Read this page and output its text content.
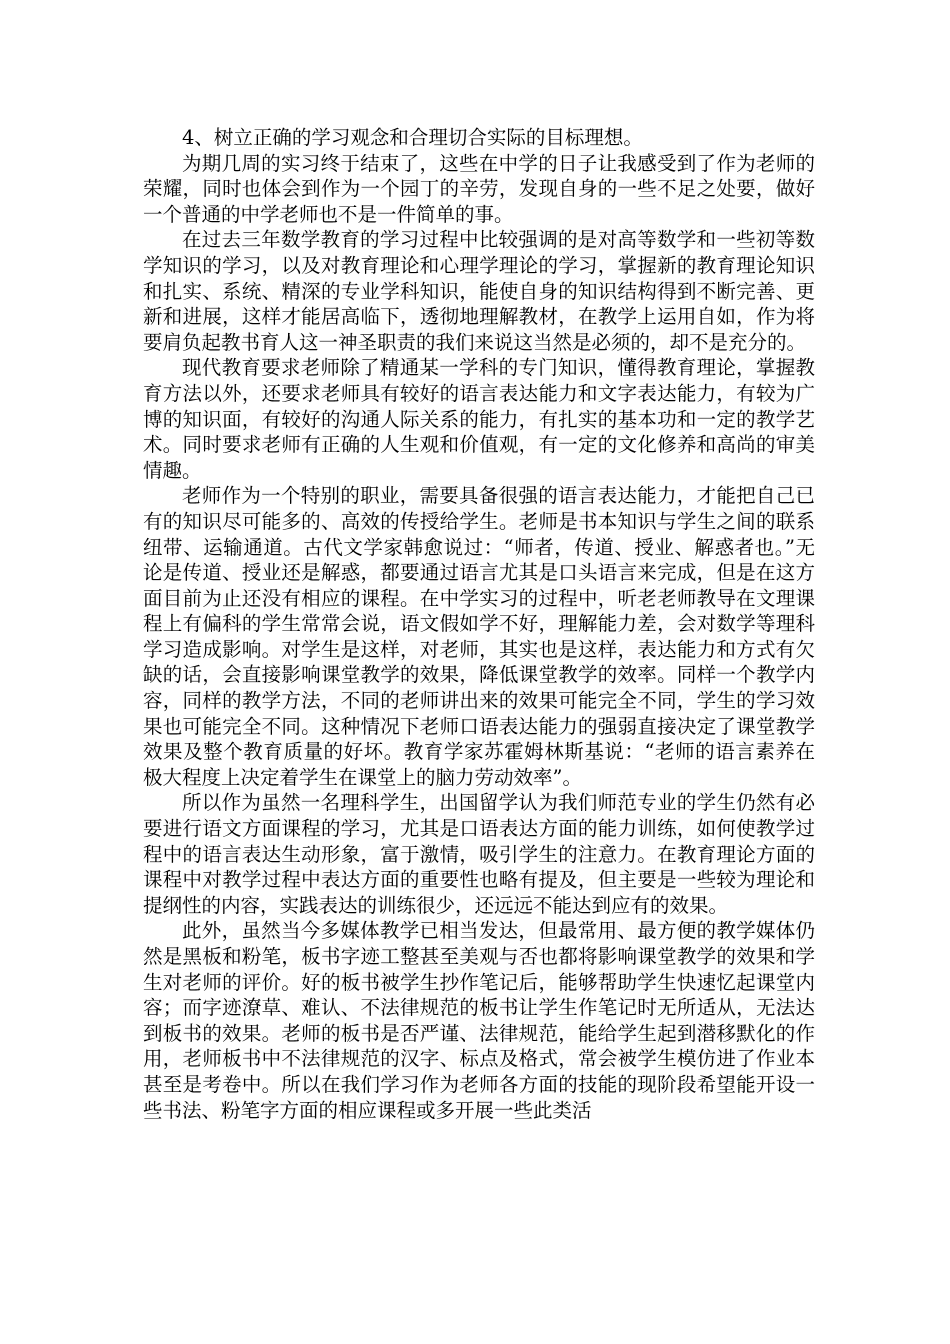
4、树立正确的学习观念和合理切合实际的目标理想。

为期几周的实习终于结束了，这些在中学的日子让我感受到了作为老师的荣耀，同时也体会到作为一个园丁的辛劳，发现自身的一些不足之处要，做好一个普通的中学老师也不是一件简单的事。

在过去三年数学教育的学习过程中比较强调的是对高等数学和一些初等数学知识的学习，以及对教育理论和心理学理论的学习，掌握新的教育理论知识和扎实、系统、精深的专业学科知识，能使自身的知识结构得到不断完善、更新和进展，这样才能居高临下，透彻地理解教材，在教学上运用自如，作为将要肩负起教书育人这一神圣职责的我们来说这当然是必须的，却不是充分的。

现代教育要求老师除了精通某一学科的专门知识，懂得教育理论，掌握教育方法以外，还要求老师具有较好的语言表达能力和文字表达能力，有较为广博的知识面，有较好的沟通人际关系的能力，有扎实的基本功和一定的教学艺术。同时要求老师有正确的人生观和价值观，有一定的文化修养和高尚的审美情趣。

老师作为一个特别的职业，需要具备很强的语言表达能力，才能把自己已有的知识尽可能多的、高效的传授给学生。老师是书本知识与学生之间的联系纽带、运输通道。古代文学家韩愈说过：“师者，传道、授业、解惑者也。”无论是传道、授业还是解惑，都要通过语言尤其是口头语言来完成，但是在这方面目前为止还没有相应的课程。在中学实习的过程中，听老老师教导在文理课程上有偏科的学生常常会说，语文假如学不好，理解能力差，会对数学等理科学习造成影响。对学生是这样，对老师，其实也是这样，表达能力和方式有欠缺的话，会直接影响课堂教学的效果，降低课堂教学的效率。同样一个教学内容，同样的教学方法，不同的老师讲出来的效果可能完全不同，学生的学习效果也可能完全不同。这种情况下老师口语表达能力的强弱直接决定了课堂教学效果及整个教育质量的好坏。教育学家苏霍姆林斯基说：“老师的语言素养在极大程度上决定着学生在课堂上的脑力劳动效率”。

所以作为虽然一名理科学生，出国留学认为我们师范专业的学生仍然有必要进行语文方面课程的学习，尤其是口语表达方面的能力训练，如何使教学过程中的语言表达生动形象，富于激情，吸引学生的注意力。在教育理论方面的课程中对教学过程中表达方面的重要性也略有提及，但主要是一些较为理论和提纲性的内容，实践表达的训练很少，还远远不能达到应有的效果。

此外，虽然当今多媒体教学已相当发达，但最常用、最方便的教学媒体仍然是黑板和粉笔，板书字迹工整甚至美观与否也都将影响课堂教学的效果和学生对老师的评价。好的板书被学生抄作笔记后，能够帮助学生快速忆起课堂内容；而字迹潦草、难认、不法律规范的板书让学生作笔记时无所适从，无法达到板书的效果。老师的板书是否严谨、法律规范，能给学生起到潜移默化的作用，老师板书中不法律规范的汉字、标点及格式，常会被学生模仿进了作业本甚至是考卷中。所以在我们学习作为老师各方面的技能的现阶段希望能开设一些书法、粉笔字方面的相应课程或多开展一些此类活
